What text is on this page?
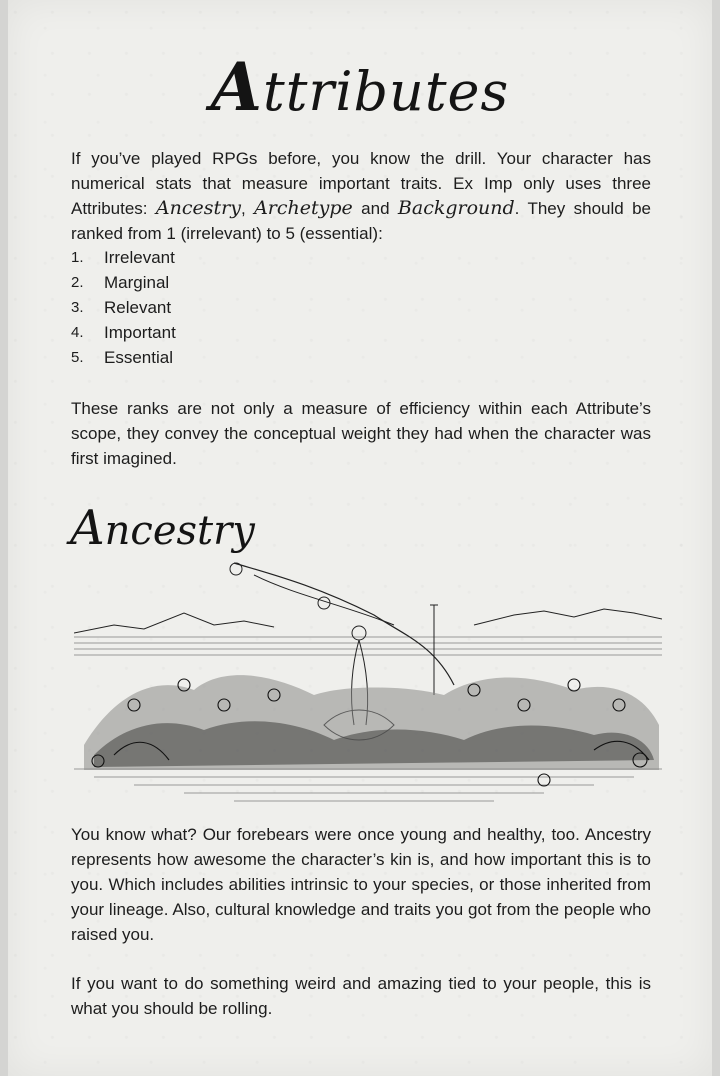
Attributes

If you’ve played RPGs before, you know the drill. Your character has numerical stats that measure important traits. Ex Imp only uses three Attributes: Ancestry, Archetype and Background. They should be ranked from 1 (irrelevant) to 5 (essential):

1.	Irrelevant
2.	Marginal
3.	Relevant
4.	Important
5.	Essential

These ranks are not only a measure of efficiency within each Attribute’s scope, they convey the conceptual weight they had when the character was first imagined.

Ancestry

You know what? Our forebears were once young and healthy, too. Ancestry represents how awesome the character’s kin is, and how important this is to you. Which includes abilities intrinsic to your species, or those inherited from your lineage. Also, cultural knowledge and traits you got from the people who raised you.

If you want to do something weird and amazing tied to your people, this is what you should be rolling.
